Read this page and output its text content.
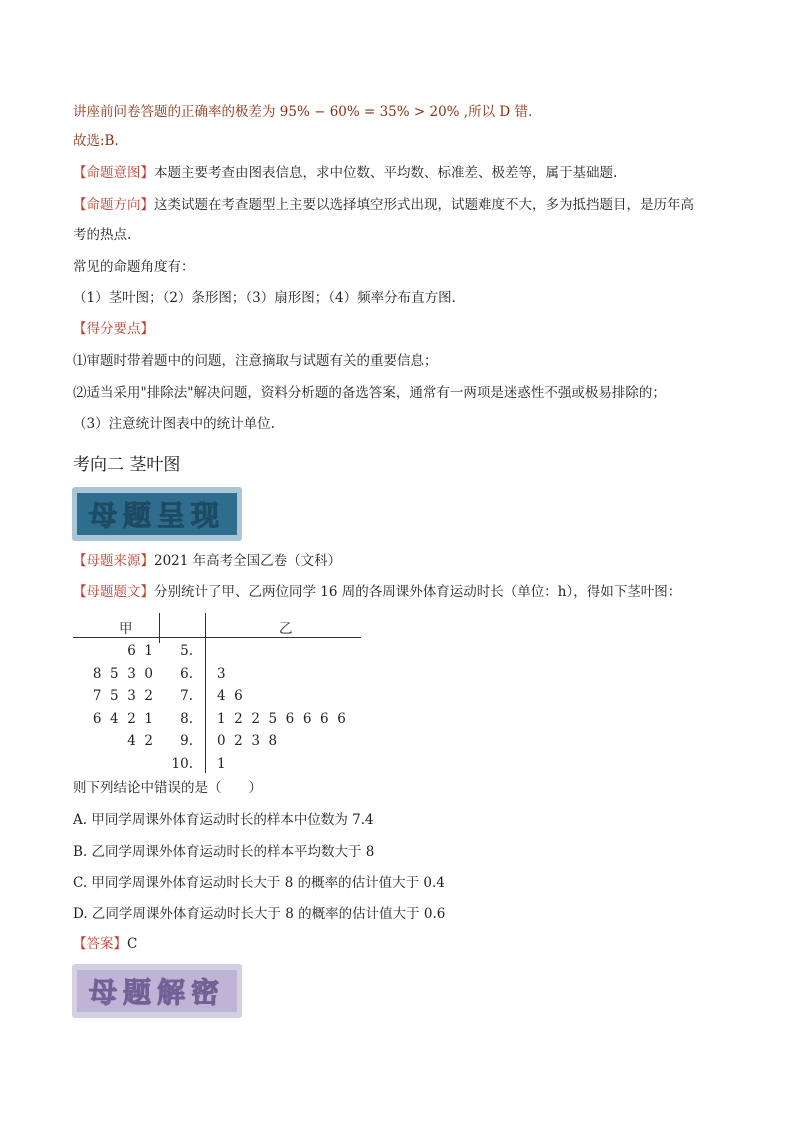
讲座前问卷答题的正确率的极差为 95% − 60% = 35% > 20% ,所以 D 错.
故选:B.
【命题意图】本题主要考查由图表信息，求中位数、平均数、标准差、极差等，属于基础题.
【命题方向】这类试题在考查题型上主要以选择填空形式出现，试题难度不大，多为抵挡题目，是历年高
考的热点.
常见的命题角度有：
（1）茎叶图；（2）条形图；（3）扇形图；（4）频率分布直方图.
【得分要点】
⑴审题时带着题中的问题，注意摘取与试题有关的重要信息；
⑵适当采用"排除法"解决问题，资料分析题的备选答案，通常有一两项是迷惑性不强或极易排除的；
（3）注意统计图表中的统计单位.
考向二 茎叶图
母题呈现
【母题来源】2021 年高考全国乙卷（文科）
【母题题文】分别统计了甲、乙两位同学 16 周的各周课外体育运动时长（单位：h），得如下茎叶图：
甲	乙
6  1 5.
8  5  3  0 6. 3
7  5  3  2 7. 4  6
6  4  2  1 8. 1  2  2  5  6  6  6  6
4  2 9. 0  2  3  8
10. 1
则下列结论中错误的是（　　）
A. 甲同学周课外体育运动时长的样本中位数为 7.4
B. 乙同学周课外体育运动时长的样本平均数大于 8
C. 甲同学周课外体育运动时长大于 8 的概率的估计值大于 0.4
D. 乙同学周课外体育运动时长大于 8 的概率的估计值大于 0.6
【答案】C
母题解密
